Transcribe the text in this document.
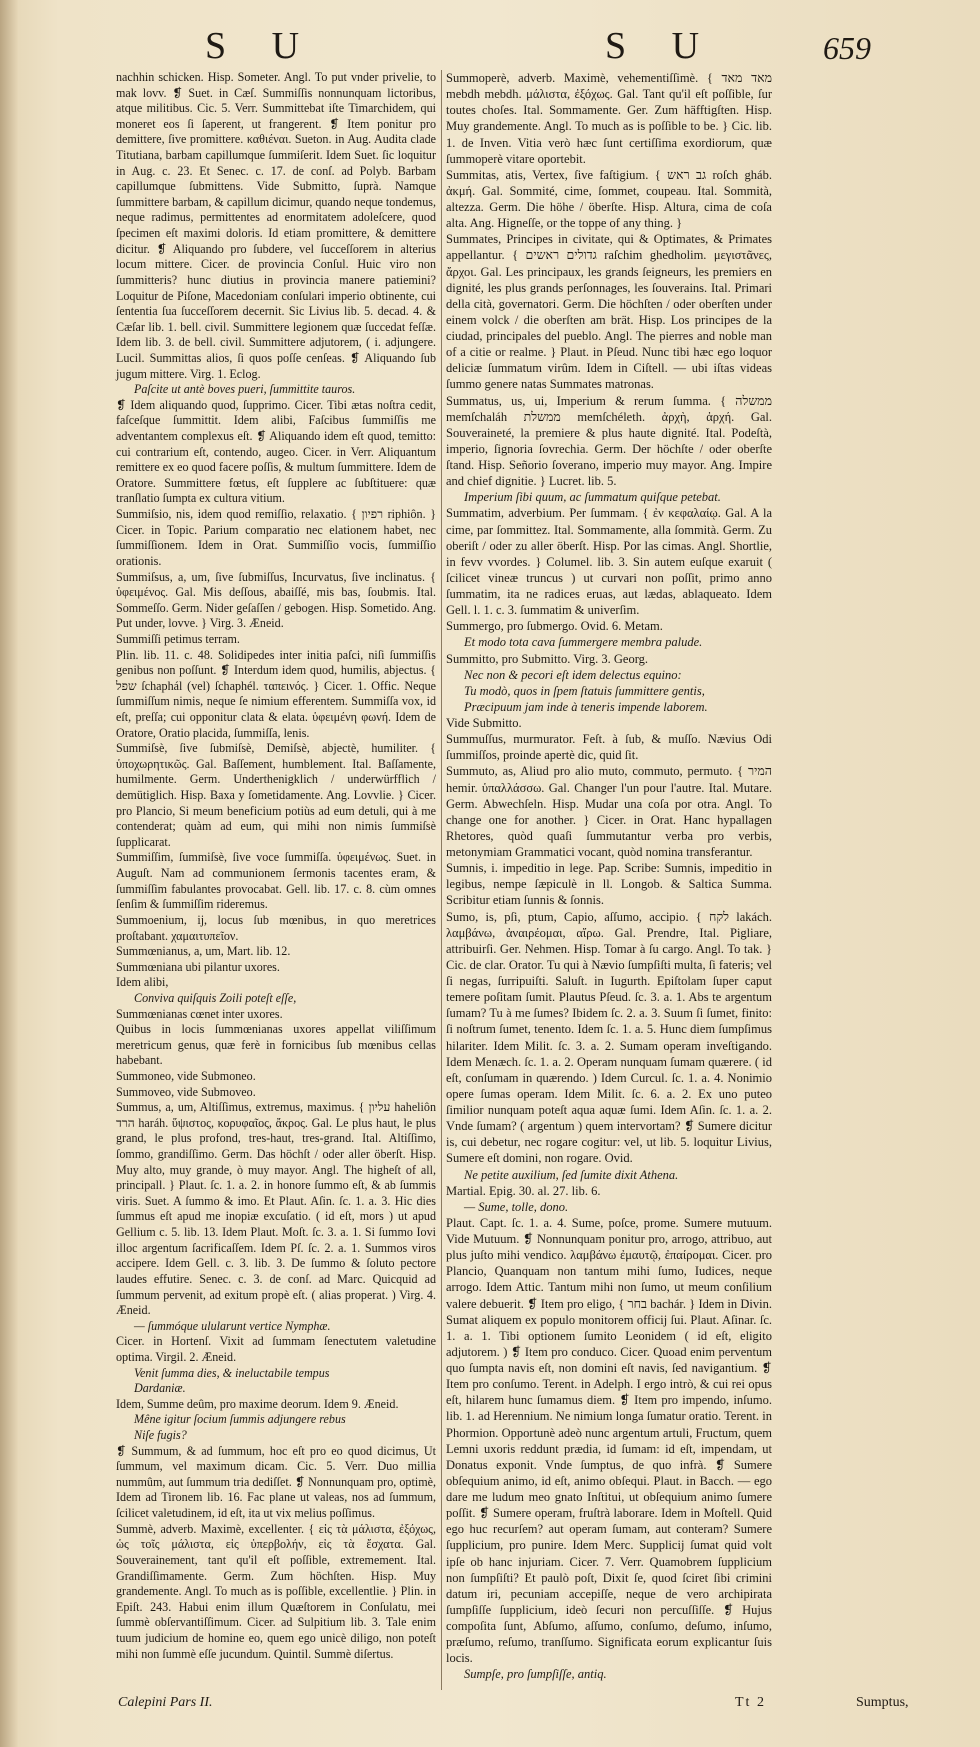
S U	S U	659

nachhin schicken. Hisp. Someter. Angl. To put vnder privelie, to mak lovv. ❡ Suet. in Cæſ. Summiſſis nonnunquam lictoribus, atque militibus. Cic. 5. Verr. Summittebat iſte Timarchidem, qui moneret eos ſi ſaperent, ut frangerent. ❡ Item ponitur pro demittere, ſive promittere. καθιέναι. Sueton. in Aug. Audita clade Titutiana, barbam capillumque ſummiſerit. Idem Suet. ſic loquitur in Aug. c. 23. Et Senec. c. 17. de conſ. ad Polyb. Barbam capillumque ſubmittens. Vide Submitto, ſuprà. Namque ſummittere barbam, & capillum dicimur, quando neque tondemus, neque radimus, permittentes ad enormitatem adoleſcere, quod ſpecimen eſt maximi doloris. Id etiam promittere, & demittere dicitur. ❡ Aliquando pro ſubdere, vel ſucceſſorem in alterius locum mittere. Cicer. de provincia Conſul. Huic viro non ſummitteris? hunc diutius in provincia manere patiemini? Loquitur de Piſone, Macedoniam conſulari imperio obtinente, cui ſententia ſua ſucceſſorem decernit. Sic Livius lib. 5. decad. 4. & Cæſar lib. 1. bell. civil. Summittere legionem quæ ſuccedat feſſæ. Idem lib. 3. de bell. civil. Summittere adjutorem, ( i. adjungere. Lucil. Summittas alios, ſi quos poſſe cenſeas. ❡ Aliquando ſub jugum mittere. Virg. 1. Eclog.

Paſcite ut antè boves pueri, ſummittite tauros.

❡ Idem aliquando quod, ſupprimo. Cicer. Tibi ætas noſtra cedit, faſceſque ſummittit. Idem alibi, Faſcibus ſummiſſis me adventantem complexus eſt. ❡ Aliquando idem eſt quod, temitto: cui contrarium eſt, contendo, augeo. Cicer. in Verr. Aliquantum remittere ex eo quod facere poſſis, & multum ſummittere. Idem de Oratore. Summittere fœtus, eſt ſupplere ac ſubſtituere: quæ tranſlatio ſumpta ex cultura vitium.

Summiſsio, nis, idem quod remiſſio, relaxatio. { רפיון riphiôn. } Cicer. in Topic. Parium comparatio nec elationem habet, nec ſummiſſionem. Idem in Orat. Summiſſio vocis, ſummiſſio orationis.

Summiſsus, a, um, ſive ſubmiſſus, Incurvatus, ſive inclinatus. { ὑφειμένος. Gal. Mis deſſous, abaiſſé, mis bas, ſoubmis. Ital. Sommeſſo. Germ. Nider geſaſſen / gebogen. Hisp. Sometido. Ang. Put under, lovve. } Virg. 3. Æneid.

Summiſſi petimus terram.

Plin. lib. 11. c. 48. Solidipedes inter initia paſci, niſi ſummiſſis genibus non poſſunt. ❡ Interdum idem quod, humilis, abjectus. { שפל ſchaphál (vel) ſchaphél. ταπεινός. } Cicer. 1. Offic. Neque ſummiſſum nimis, neque ſe nimium efferentem. Summiſſa vox, id eſt, preſſa; cui opponitur clata & elata. ὑφειμένη φωνή. Idem de Oratore, Oratio placida, ſummiſſa, lenis.

Summiſsè, ſive ſubmiſsè, Demiſsè, abjectè, humiliter. { ὑποχωρητικῶς. Gal. Baſſement, humblement. Ital. Baſſamente, humilmente. Germ. Underthenigklich / underwürfflich / demütiglich. Hisp. Baxa y ſometidamente. Ang. Lovvlie. } Cicer. pro Plancio, Si meum beneficium potiùs ad eum detuli, qui à me contenderat; quàm ad eum, qui mihi non nimis ſummiſsè ſupplicarat.

Summiſſim, ſummiſsè, ſive voce ſummiſſa. ὑφειμένως. Suet. in Auguſt. Nam ad communionem ſermonis tacentes eram, & ſummiſſim fabulantes provocabat. Gell. lib. 17. c. 8. cùm omnes ſenſim & ſummiſſim rideremus.

Summoenium, ij, locus ſub mœnibus, in quo meretrices proſtabant. χαμαιτυπεῖον.

Summœnianus, a, um, Mart. lib. 12.

Summœniana ubi pilantur uxores.

Idem alibi,

Conviva quiſquis Zoili poteſt eſſe,

Summœnianas cœnet inter uxores.

Quibus in locis ſummœnianas uxores appellat viliſſimum meretricum genus, quæ ferè in fornicibus ſub mœnibus cellas habebant.

Summoneo, vide Submoneo.

Summoveo, vide Submoveo.

Summus, a, um, Altiſſimus, extremus, maximus. { עליון haheliôn הרד haráh. ὕψιστος, κορυφαῖος, ἄκρος. Gal. Le plus haut, le plus grand, le plus profond, tres-haut, tres-grand. Ital. Altiſſimo, ſommo, grandiſſimo. Germ. Das höchſt / oder aller öberſt. Hisp. Muy alto, muy grande, ò muy mayor. Angl. The higheſt of all, principall. } Plaut. ſc. 1. a. 2. in honore ſummo eſt, & ab ſummis viris. Suet. A ſummo & imo. Et Plaut. Aſin. ſc. 1. a. 3. Hic dies ſummus eſt apud me inopiæ excuſatio. ( id eſt, mors ) ut apud Gellium c. 5. lib. 13. Idem Plaut. Moſt. ſc. 3. a. 1. Si ſummo Iovi illoc argentum ſacrificaſſem. Idem Pſ. ſc. 2. a. 1. Summos viros accipere. Idem Gell. c. 3. lib. 3. De ſummo & ſoluto pectore laudes effutire. Senec. c. 3. de conſ. ad Marc. Quicquid ad ſummum pervenit, ad exitum propè eſt. ( alias properat. ) Virg. 4. Æneid.

— ſummóque ulularunt vertice Nymphæ.

Cicer. in Hortenſ. Vixit ad ſummam ſenectutem valetudine optima. Virgil. 2. Æneid.

Venit ſumma dies, & ineluctabile tempus

Dardaniæ.

Idem, Summe deûm, pro maxime deorum. Idem 9. Æneid.

Mêne igitur ſocium ſummis adjungere rebus

Niſe fugis?

❡ Summum, & ad ſummum, hoc eſt pro eo quod dicimus, Ut ſummum, vel maximum dicam. Cic. 5. Verr. Duo millia nummûm, aut ſummum tria dediſſet. ❡ Nonnunquam pro, optimè, Idem ad Tironem lib. 16. Fac plane ut valeas, nos ad ſummum, ſcilicet valetudinem, id eſt, ita ut vix melius poſſimus.

Summè, adverb. Maximè, excellenter. { εἰς τὰ μάλιστα, ἐξόχως, ὡς τοῖς μάλιστα, εἰς ὑπερβολήν, εἰς τὰ ἔσχατα. Gal. Souverainement, tant qu'il eſt poſſible, extremement. Ital. Grandiſſimamente. Germ. Zum höchſten. Hisp. Muy grandemente. Angl. To much as is poſſible, excellentlie. } Plin. in Epiſt. 243. Habui enim illum Quæſtorem in Conſulatu, mei ſummè obſervantiſſimum. Cicer. ad Sulpitium lib. 3. Tale enim tuum judicium de homine eo, quem ego unicè diligo, non poteſt mihi non ſummè eſſe jucundum. Quintil. Summè diſertus.

Summoperè, adverb. Maximè, vehementiſſimè. { מאד מאד mebdh mebdh. μάλιστα, ἐξόχως. Gal. Tant qu'il eſt poſſible, ſur toutes choſes. Ital. Sommamente. Ger. Zum häfftigſten. Hisp. Muy grandemente. Angl. To much as is poſſible to be. } Cic. lib. 1. de Inven. Vitia verò hæc ſunt certiſſima exordiorum, quæ ſummoperè vitare oportebit.

Summitas, atis, Vertex, ſive faſtigium. { גב ראש roſch gháb. ἀκμή. Gal. Sommité, cime, ſommet, coupeau. Ital. Sommità, altezza. Germ. Die höhe / öberſte. Hisp. Altura, cima de coſa alta. Ang. Higneſſe, or the toppe of any thing. }

Summates, Principes in civitate, qui & Optimates, & Primates appellantur. { גדולים ראשים raſchim ghedholim. μεγιστᾶνες, ἄρχοι. Gal. Les principaux, les grands ſeigneurs, les premiers en dignité, les plus grands perſonnages, les ſouverains. Ital. Primari della cità, governatori. Germ. Die höchſten / oder oberſten under einem volck / die oberſten am brät. Hisp. Los principes de la ciudad, principales del pueblo. Angl. The pierres and noble man of a citie or realme. } Plaut. in Pſeud. Nunc tibi hæc ego loquor deliciæ ſummatum virûm. Idem in Ciſtell. — ubi iſtas videas ſummo genere natas Summates matronas.

Summatus, us, ui, Imperium & rerum ſumma. { ממשלה memſchaláh ממשלת memſchéleth. ἀρχὴ, ἀρχή. Gal. Souveraineté, la premiere & plus haute dignité. Ital. Podeſtà, imperio, ſignoria ſovrechia. Germ. Der höchſte / oder oberſte ſtand. Hisp. Señorio ſoverano, imperio muy mayor. Ang. Impire and chief dignitie. } Lucret. lib. 5.

Imperium ſibi quum, ac ſummatum quiſque petebat.

Summatim, adverbium. Per ſummam. { ἐν κεφαλαίῳ. Gal. A la cime, par ſommittez. Ital. Sommamente, alla ſommità. Germ. Zu oberiſt / oder zu aller öberſt. Hisp. Por las cimas. Angl. Shortlie, in fevv vvordes. } Columel. lib. 3. Sin autem euſque exaruit ( ſcilicet vineæ truncus ) ut curvari non poſſit, primo anno ſummatim, ita ne radices eruas, aut lædas, ablaqueato. Idem Gell. l. 1. c. 3. ſummatim & univerſim.

Summergo, pro ſubmergo. Ovid. 6. Metam.

Et modo tota cava ſummergere membra palude.

Summitto, pro Submitto. Virg. 3. Georg.

Nec non & pecori eſt idem delectus equino:

Tu modò, quos in ſpem ſtatuis ſummittere gentis,

Præcipuum jam inde à teneris impende laborem.

Vide Submitto.

Summuſſus, murmurator. Feſt. à ſub, & muſſo. Nævius Odi ſummiſſos, proinde apertè dic, quid ſit.

Summuto, as, Aliud pro alio muto, commuto, permuto. { המיר hemir. ὑπαλλάσσω. Gal. Changer l'un pour l'autre. Ital. Mutare. Germ. Abwechſeln. Hisp. Mudar una coſa por otra. Angl. To change one for another. } Cicer. in Orat. Hanc hypallagen Rhetores, quòd quaſi ſummutantur verba pro verbis, metonymiam Grammatici vocant, quòd nomina transferantur.

Sumnis, i. impeditio in lege. Pap. Scribe: Sumnis, impeditio in legibus, nempe ſæpiculè in ll. Longob. & Saltica Summa. Scribitur etiam ſunnis & ſonnis.

Sumo, is, pſi, ptum, Capio, aſſumo, accipio. { לקח lakách. λαμβάνω, ἀναιρέομαι, αἴρω. Gal. Prendre, Ital. Pigliare, attribuirſi. Ger. Nehmen. Hisp. Tomar à ſu cargo. Angl. To tak. } Cic. de clar. Orator. Tu qui à Nævio ſumpſiſti multa, ſi fateris; vel ſi negas, ſurripuiſti. Saluſt. in Iugurth. Epiſtolam ſuper caput temere poſitam ſumit. Plautus Pſeud. ſc. 3. a. 1. Abs te argentum ſumam? Tu à me ſumes? Ibidem ſc. 2. a. 3. Suum ſi ſumet, finito: ſi noſtrum ſumet, tenento. Idem ſc. 1. a. 5. Hunc diem ſumpſimus hilariter. Idem Milit. ſc. 3. a. 2. Sumam operam inveſtigando. Idem Menæch. ſc. 1. a. 2. Operam nunquam ſumam quærere. ( id eſt, conſumam in quærendo. ) Idem Curcul. ſc. 1. a. 4. Nonimio opere ſumas operam. Idem Milit. ſc. 6. a. 2. Ex uno puteo ſimilior nunquam poteſt aqua aquæ ſumi. Idem Aſin. ſc. 1. a. 2. Vnde ſumam? ( argentum ) quem intervortam? ❡ Sumere dicitur is, cui debetur, nec rogare cogitur: vel, ut lib. 5. loquitur Livius, Sumere eſt domini, non rogare. Ovid.

Ne petite auxilium, ſed ſumite dixit Athena.

Martial. Epig. 30. al. 27. lib. 6.

— Sume, tolle, dono.

Plaut. Capt. ſc. 1. a. 4. Sume, poſce, prome. Sumere mutuum. Vide Mutuum. ❡ Nonnunquam ponitur pro, arrogo, attribuo, aut plus juſto mihi vendico. λαμβάνω ἐμαυτῷ, ἐπαίρομαι. Cicer. pro Plancio, Quanquam non tantum mihi ſumo, Iudices, neque arrogo. Idem Attic. Tantum mihi non ſumo, ut meum conſilium valere debuerit. ❡ Item pro eligo, { בחר bachár. } Idem in Divin. Sumat aliquem ex populo monitorem officij ſui. Plaut. Aſinar. ſc. 1. a. 1. Tibi optionem ſumito Leonidem ( id eſt, eligito adjutorem. ) ❡ Item pro conduco. Cicer. Quoad enim perventum quo ſumpta navis eſt, non domini eſt navis, ſed navigantium. ❡ Item pro conſumo. Terent. in Adelph. I ergo intrò, & cui rei opus eſt, hilarem hunc ſumamus diem. ❡ Item pro impendo, inſumo. lib. 1. ad Herennium. Ne nimium longa ſumatur oratio. Terent. in Phormion. Opportunè adeò nunc argentum artuli, Fructum, quem Lemni uxoris reddunt prædia, id ſumam: id eſt, impendam, ut Donatus exponit. Vnde ſumptus, de quo infrà. ❡ Sumere obſequium animo, id eſt, animo obſequi. Plaut. in Bacch. — ego dare me ludum meo gnato Inſtitui, ut obſequium animo ſumere poſſit. ❡ Sumere operam, fruſtrà laborare. Idem in Moſtell. Quid ego huc recurſem? aut operam ſumam, aut conteram? Sumere ſupplicium, pro punire. Idem Merc. Supplicij ſumat quid volt ipſe ob hanc injuriam. Cicer. 7. Verr. Quamobrem ſupplicium non ſumpſiſti? Et paulò poſt, Dixit ſe, quod ſciret ſibi crimini datum iri, pecuniam accepiſſe, neque de vero archipirata ſumpſiſſe ſupplicium, ideò ſecuri non percuſſiſſe. ❡ Hujus compoſita ſunt, Abſumo, aſſumo, conſumo, deſumo, inſumo, præſumo, reſumo, tranſſumo. Significata eorum explicantur ſuis locis.

Sumpſe, pro ſumpſiſſe, antiq.

Calepini Pars II.	Tt 2	Sumptus,
